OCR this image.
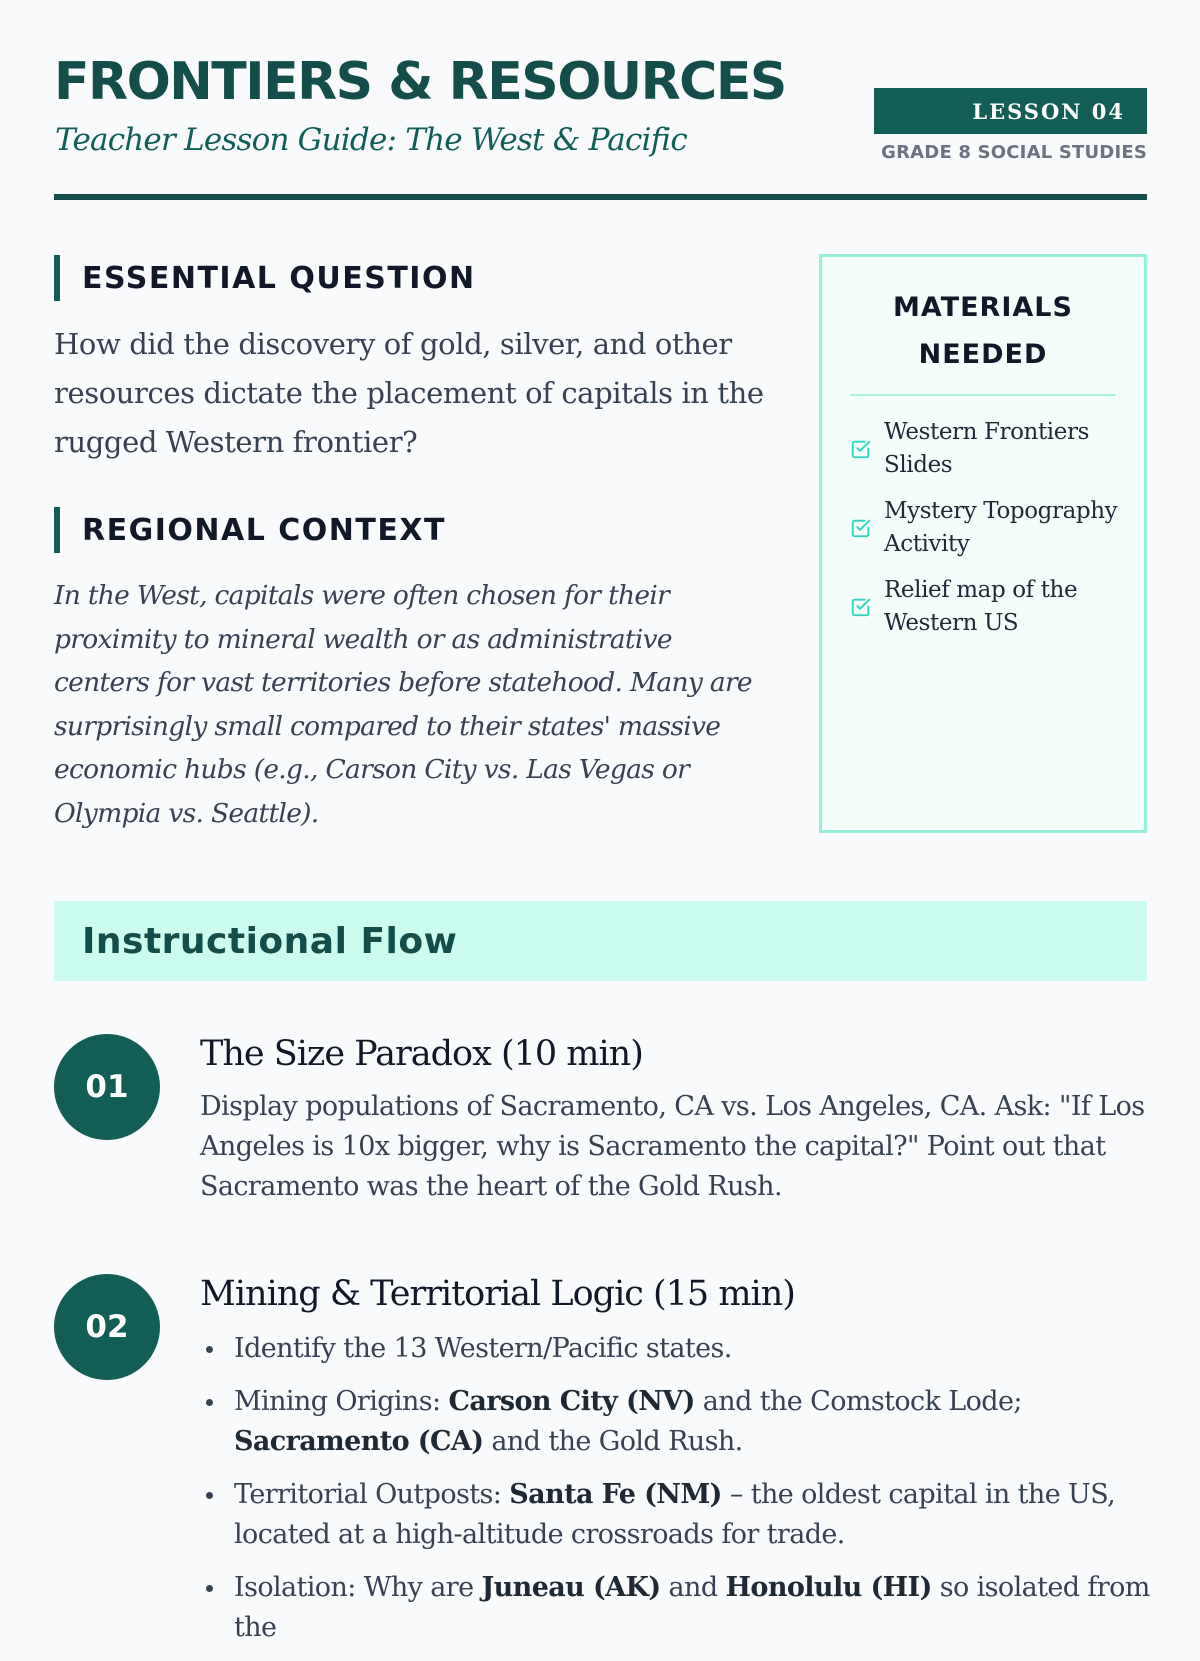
FRONTIERS & RESOURCES
Teacher Lesson Guide: The West & Pacific
LESSON 04
GRADE 8 SOCIAL STUDIES
ESSENTIAL QUESTION
How did the discovery of gold, silver, and other resources dictate the placement of capitals in the rugged Western frontier?
REGIONAL CONTEXT
In the West, capitals were often chosen for their proximity to mineral wealth or as administrative centers for vast territories before statehood. Many are surprisingly small compared to their states' massive economic hubs (e.g., Carson City vs. Las Vegas or Olympia vs. Seattle).
MATERIALS NEEDED
Western Frontiers Slides
Mystery Topography Activity
Relief map of the Western US
Instructional Flow
01
The Size Paradox (10 min)
Display populations of Sacramento, CA vs. Los Angeles, CA. Ask: "If Los Angeles is 10x bigger, why is Sacramento the capital?" Point out that Sacramento was the heart of the Gold Rush.
02
Mining & Territorial Logic (15 min)
Identify the 13 Western/Pacific states.
Mining Origins: Carson City (NV) and the Comstock Lode; Sacramento (CA) and the Gold Rush.
Territorial Outposts: Santa Fe (NM) – the oldest capital in the US, located at a high-altitude crossroads for trade.
Isolation: Why are Juneau (AK) and Honolulu (HI) so isolated from the
